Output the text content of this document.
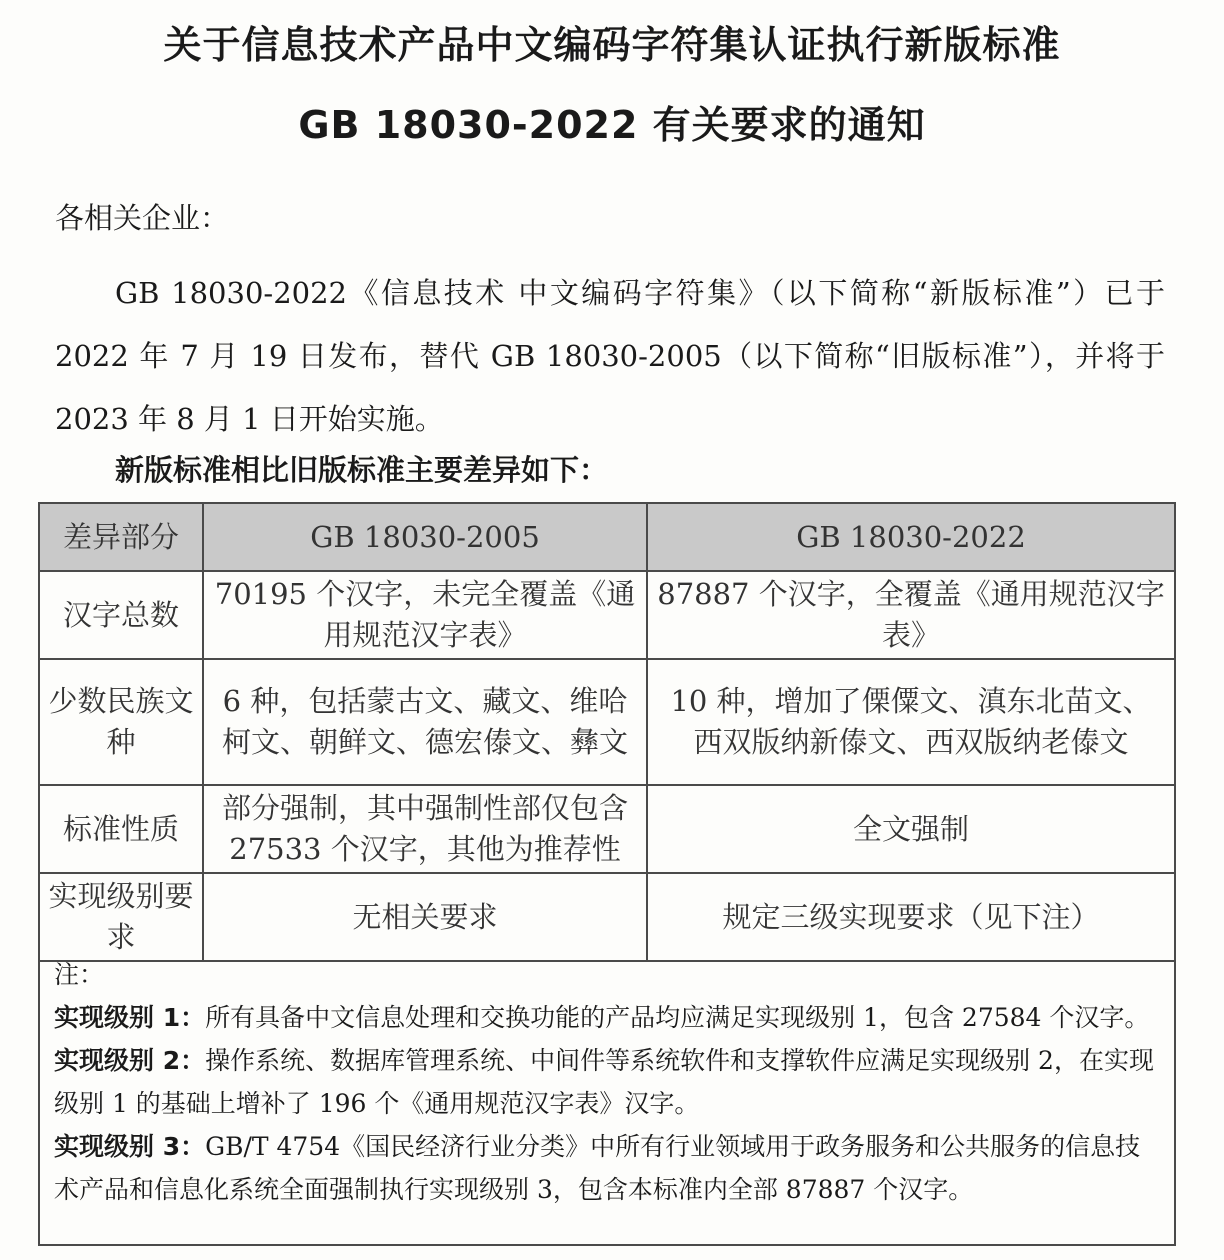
关于信息技术产品中文编码字符集认证执行新版标准
GB 18030-2022 有关要求的通知
各相关企业：
GB 18030-2022《信息技术 中文编码字符集》（以下简称“新版标准”）已于 2022 年 7 月 19 日发布，替代 GB 18030-2005（以下简称“旧版标准”），并将于 2023 年 8 月 1 日开始实施。
新版标准相比旧版标准主要差异如下：
差异部分	GB 18030-2005	GB 18030-2022
汉字总数	70195 个汉字，未完全覆盖《通用规范汉字表》	87887 个汉字，全覆盖《通用规范汉字表》
少数民族文种	6 种，包括蒙古文、藏文、维哈柯文、朝鲜文、德宏傣文、彝文	10 种，增加了傈僳文、滇东北苗文、西双版纳新傣文、西双版纳老傣文
标准性质	部分强制，其中强制性部仅包含 27533 个汉字，其他为推荐性	全文强制
实现级别要求	无相关要求	规定三级实现要求（见下注）

注：

实现级别 1：所有具备中文信息处理和交换功能的产品均应满足实现级别 1，包含 27584 个汉字。

实现级别 2：操作系统、数据库管理系统、中间件等系统软件和支撑软件应满足实现级别 2，在实现级别 1 的基础上增补了 196 个《通用规范汉字表》汉字。

实现级别 3：GB/T 4754《国民经济行业分类》中所有行业领域用于政务服务和公共服务的信息技术产品和信息化系统全面强制执行实现级别 3，包含本标准内全部 87887 个汉字。
